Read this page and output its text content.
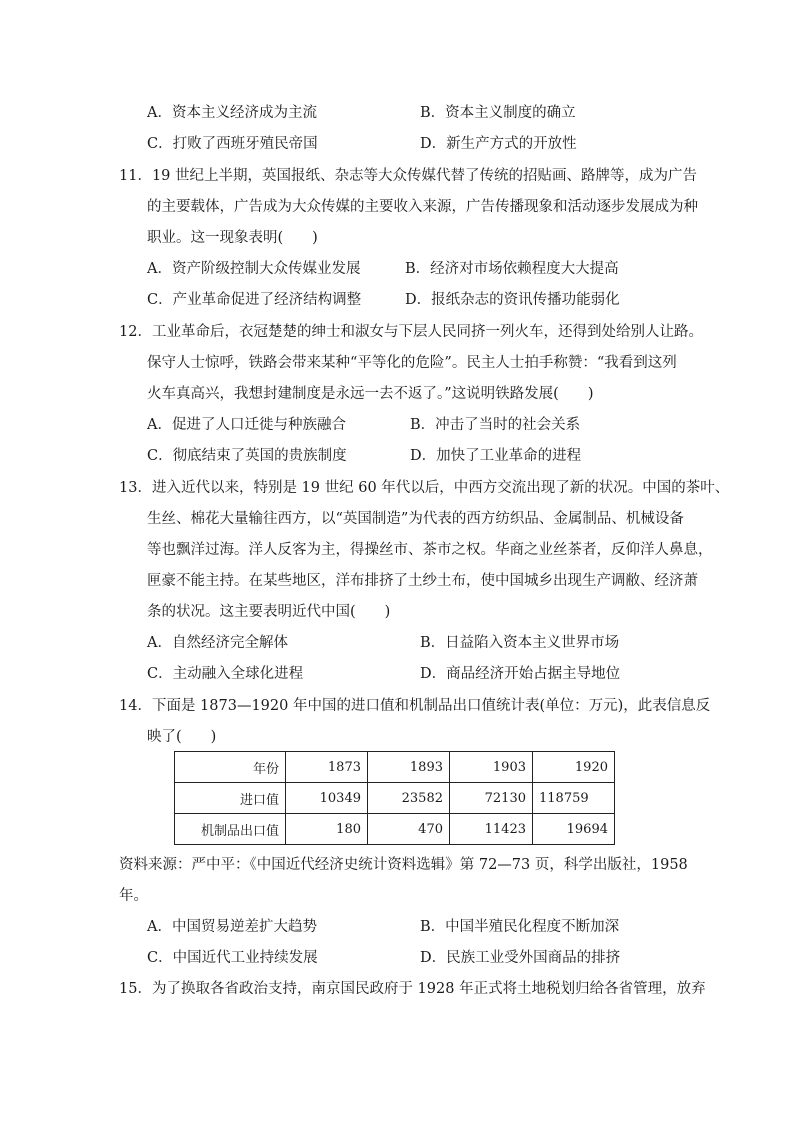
A．资本主义经济成为主流	B．资本主义制度的确立
C．打败了西班牙殖民帝国	D．新生产方式的开放性
11．19 世纪上半期，英国报纸、杂志等大众传媒代替了传统的招贴画、路牌等，成为广告
的主要载体，广告成为大众传媒的主要收入来源，广告传播现象和活动逐步发展成为种
职业。这一现象表明(　　)
A．资产阶级控制大众传媒业发展	B．经济对市场依赖程度大大提高
C．产业革命促进了经济结构调整	D．报纸杂志的资讯传播功能弱化
12．工业革命后，衣冠楚楚的绅士和淑女与下层人民同挤一列火车，还得到处给别人让路。
保守人士惊呼，铁路会带来某种“平等化的危险”。民主人士拍手称赞：“我看到这列
火车真高兴，我想封建制度是永远一去不返了。”这说明铁路发展(　　)
A．促进了人口迁徙与种族融合	B．冲击了当时的社会关系
C．彻底结束了英国的贵族制度	D．加快了工业革命的进程
13．进入近代以来，特别是 19 世纪 60 年代以后，中西方交流出现了新的状况。中国的茶叶、
生丝、棉花大量输往西方，以“英国制造”为代表的西方纺织品、金属制品、机械设备
等也飘洋过海。洋人反客为主，得操丝市、茶市之权。华商之业丝茶者，反仰洋人鼻息，
匣豪不能主持。在某些地区，洋布排挤了土纱土布，使中国城乡出现生产调敝、经济萧
条的状况。这主要表明近代中国(　　)
A．自然经济完全解体	B．日益陷入资本主义世界市场
C．主动融入全球化进程	D．商品经济开始占据主导地位
14．下面是 1873—1920 年中国的进口值和机制品出口值统计表(单位：万元)，此表信息反
映了(　　)
年份	1873	1893	1903	1920
进口值	10349	23582	72130	118759
机制品出口值	180	470	11423	19694
资料来源：严中平：《中国近代经济史统计资料选辑》第 72—73 页，科学出版社，1958
年。
A．中国贸易逆差扩大趋势	B．中国半殖民化程度不断加深
C．中国近代工业持续发展	D．民族工业受外国商品的排挤
15．为了换取各省政治支持，南京国民政府于 1928 年正式将土地税划归给各省管理，放弃
